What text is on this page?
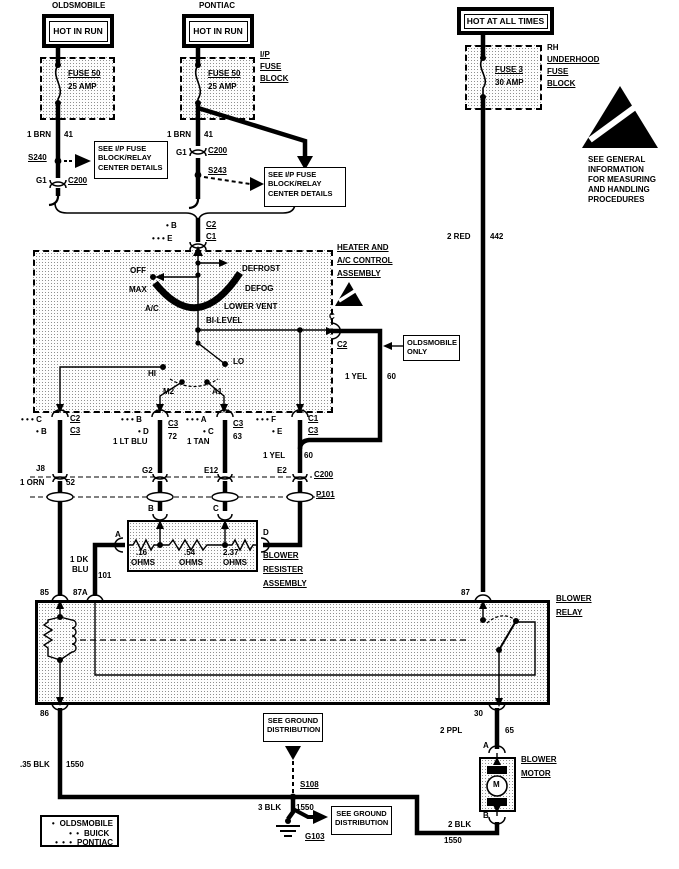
HOT IN RUN	HOT IN RUN
HOT AT ALL TIMES
OLDSMOBILE
FUSE 50
25 AMP
1 BRN 41
S240
G1	C200
SEE I/P FUSE
BLOCK/RELAY
CENTER DETAILS
PONTIAC
FUSE 50
25 AMP
I/P
FUSE
BLOCK
1 BRN 41
G1	C200
S243	SEE I/P FUSE
BLOCK/RELAY
CENTER DETAILS
FUSE 3
30 AMP
RH
UNDERHOOD
FUSE
BLOCK
2 RED 442
SEE GENERAL
INFORMATION
FOR MEASURING
AND HANDLING
PROCEDURES
• B	C2
• • • E	C1
HEATER AND
A/C CONTROL
ASSEMBLY
OFF
MAX
A/C
DEFROST
DEFOG
LOWER VENT
BI-LEVEL
HI
M2	A1
LO
C
C2	OLDSMOBILE
ONLY
1 YEL 60
• • • C	C2
• B	C3
• • • B
• D
C3
72
1 LT BLU
• • • A
• C
C3
63
1 TAN
• • • F
• E
C1
C3
1 YEL 60
J8
1 ORN	52
G2	E12	E2	C200
P101
B	C
A	D
.16
OHMS
.54
OHMS
2.37
OHMS
BLOWER
RESISTER
ASSEMBLY
1 DK
BLU
101
85	87A	87
BLOWER
RELAY
86	30
.35 BLK 1550
SEE GROUND
DISTRIBUTION
S108
3 BLK 1550
G103
SEE GROUND
DISTRIBUTION
2 PPL	65
A
BLOWER
MOTOR
M
B
2 BLK
1550
• OLDSMOBILE
• • BUICK
• • • PONTIAC
